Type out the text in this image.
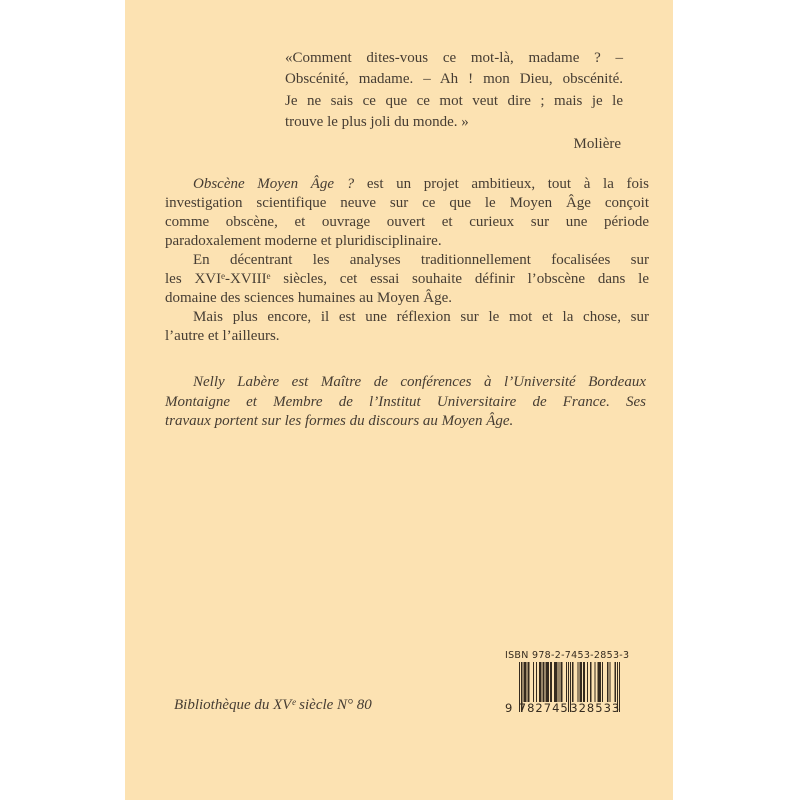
«Comment dites-vous ce mot-là, madame ? –
Obscénité, madame. – Ah ! mon Dieu, obscénité.
Je ne sais ce que ce mot veut dire ; mais je le
trouve le plus joli du monde. »
Molière
Obscène Moyen Âge ? est un projet ambitieux, tout à la fois
investigation scientifique neuve sur ce que le Moyen Âge conçoit
comme obscène, et ouvrage ouvert et curieux sur une période
paradoxalement moderne et pluridisciplinaire.
En décentrant les analyses traditionnellement focalisées sur
les XVIᵉ-XVIIIᵉ siècles, cet essai souhaite définir l’obscène dans le
domaine des sciences humaines au Moyen Âge.
Mais plus encore, il est une réflexion sur le mot et la chose, sur
l’autre et l’ailleurs.
Nelly Labère est Maître de conférences à l’Université Bordeaux
Montaigne et Membre de l’Institut Universitaire de France. Ses
travaux portent sur les formes du discours au Moyen Âge.
Bibliothèque du XVᵉ siècle N° 80
ISBN 978-2-7453-2853-3
9 782745 328533
